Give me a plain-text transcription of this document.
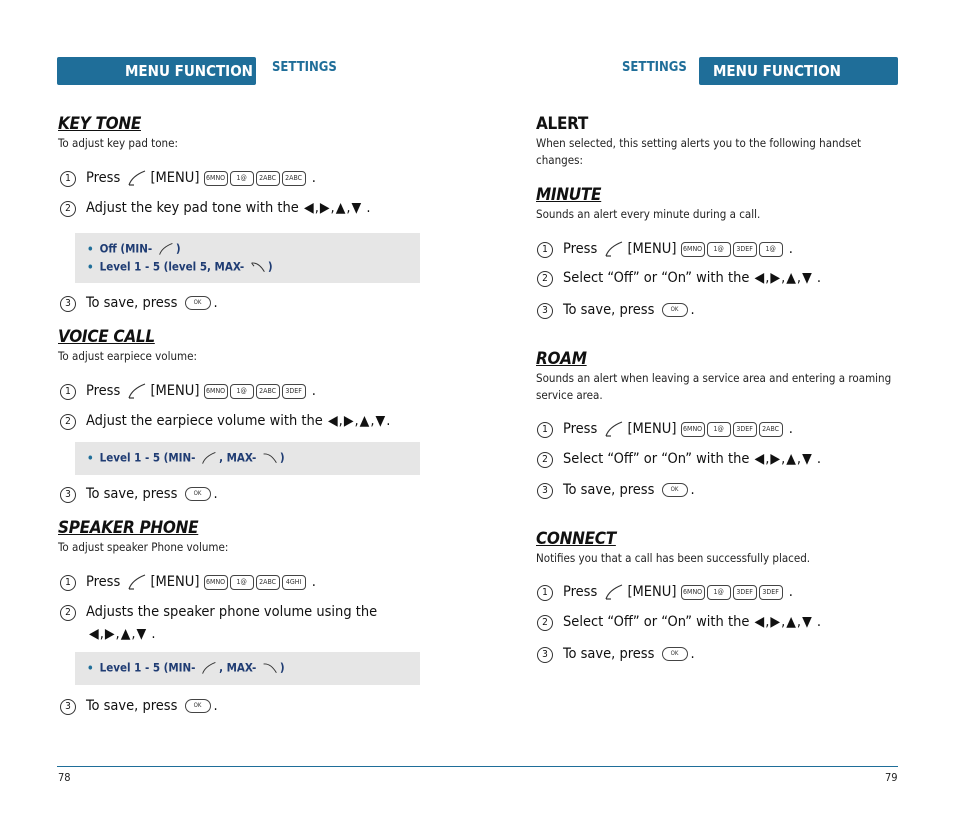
MENU FUNCTION SETTINGS
KEY TONE
To adjust key pad tone:
1 Press [MENU] 6MNO 1@ 2ABC 2ABC .
2 Adjust the key pad tone with the ◀,▶,▲,▼ .
• Off (MIN- )
• Level 1 - 5 (level 5, MAX- )
3 To save, press	OK .
VOICE CALL
To adjust earpiece volume:
1 Press [MENU] 6MNO 1@ 2ABC 3DEF .
2 Adjust the earpiece volume with the ◀,▶,▲,▼.
• Level 1 - 5 (MIN- , MAX- )
3 To save, press	OK .
SPEAKER PHONE
To adjust speaker Phone volume:
1 Press [MENU] 6MNO 1@ 2ABC 4GHI .
2 Adjusts the speaker phone volume using the
◀,▶,▲,▼ .
• Level 1 - 5 (MIN- , MAX- )
3 To save, press	OK .
78
SETTINGS	MENU FUNCTION
ALERT
When selected, this setting alerts you to the following handset changes:
MINUTE
Sounds an alert every minute during a call.
1 Press [MENU] 6MNO 1@ 3DEF 1@ .
2 Select “Off” or “On” with the ◀,▶,▲,▼ .
3 To save, press	OK .
ROAM
Sounds an alert when leaving a service area and entering a roaming service area.
1 Press [MENU] 6MNO 1@ 3DEF 2ABC .
2 Select “Off” or “On” with the ◀,▶,▲,▼ .
3 To save, press	OK .
CONNECT
Notifies you that a call has been successfully placed.
1 Press [MENU] 6MNO 1@ 3DEF 3DEF .
2 Select “Off” or “On” with the ◀,▶,▲,▼ .
3 To save, press	OK .
79
